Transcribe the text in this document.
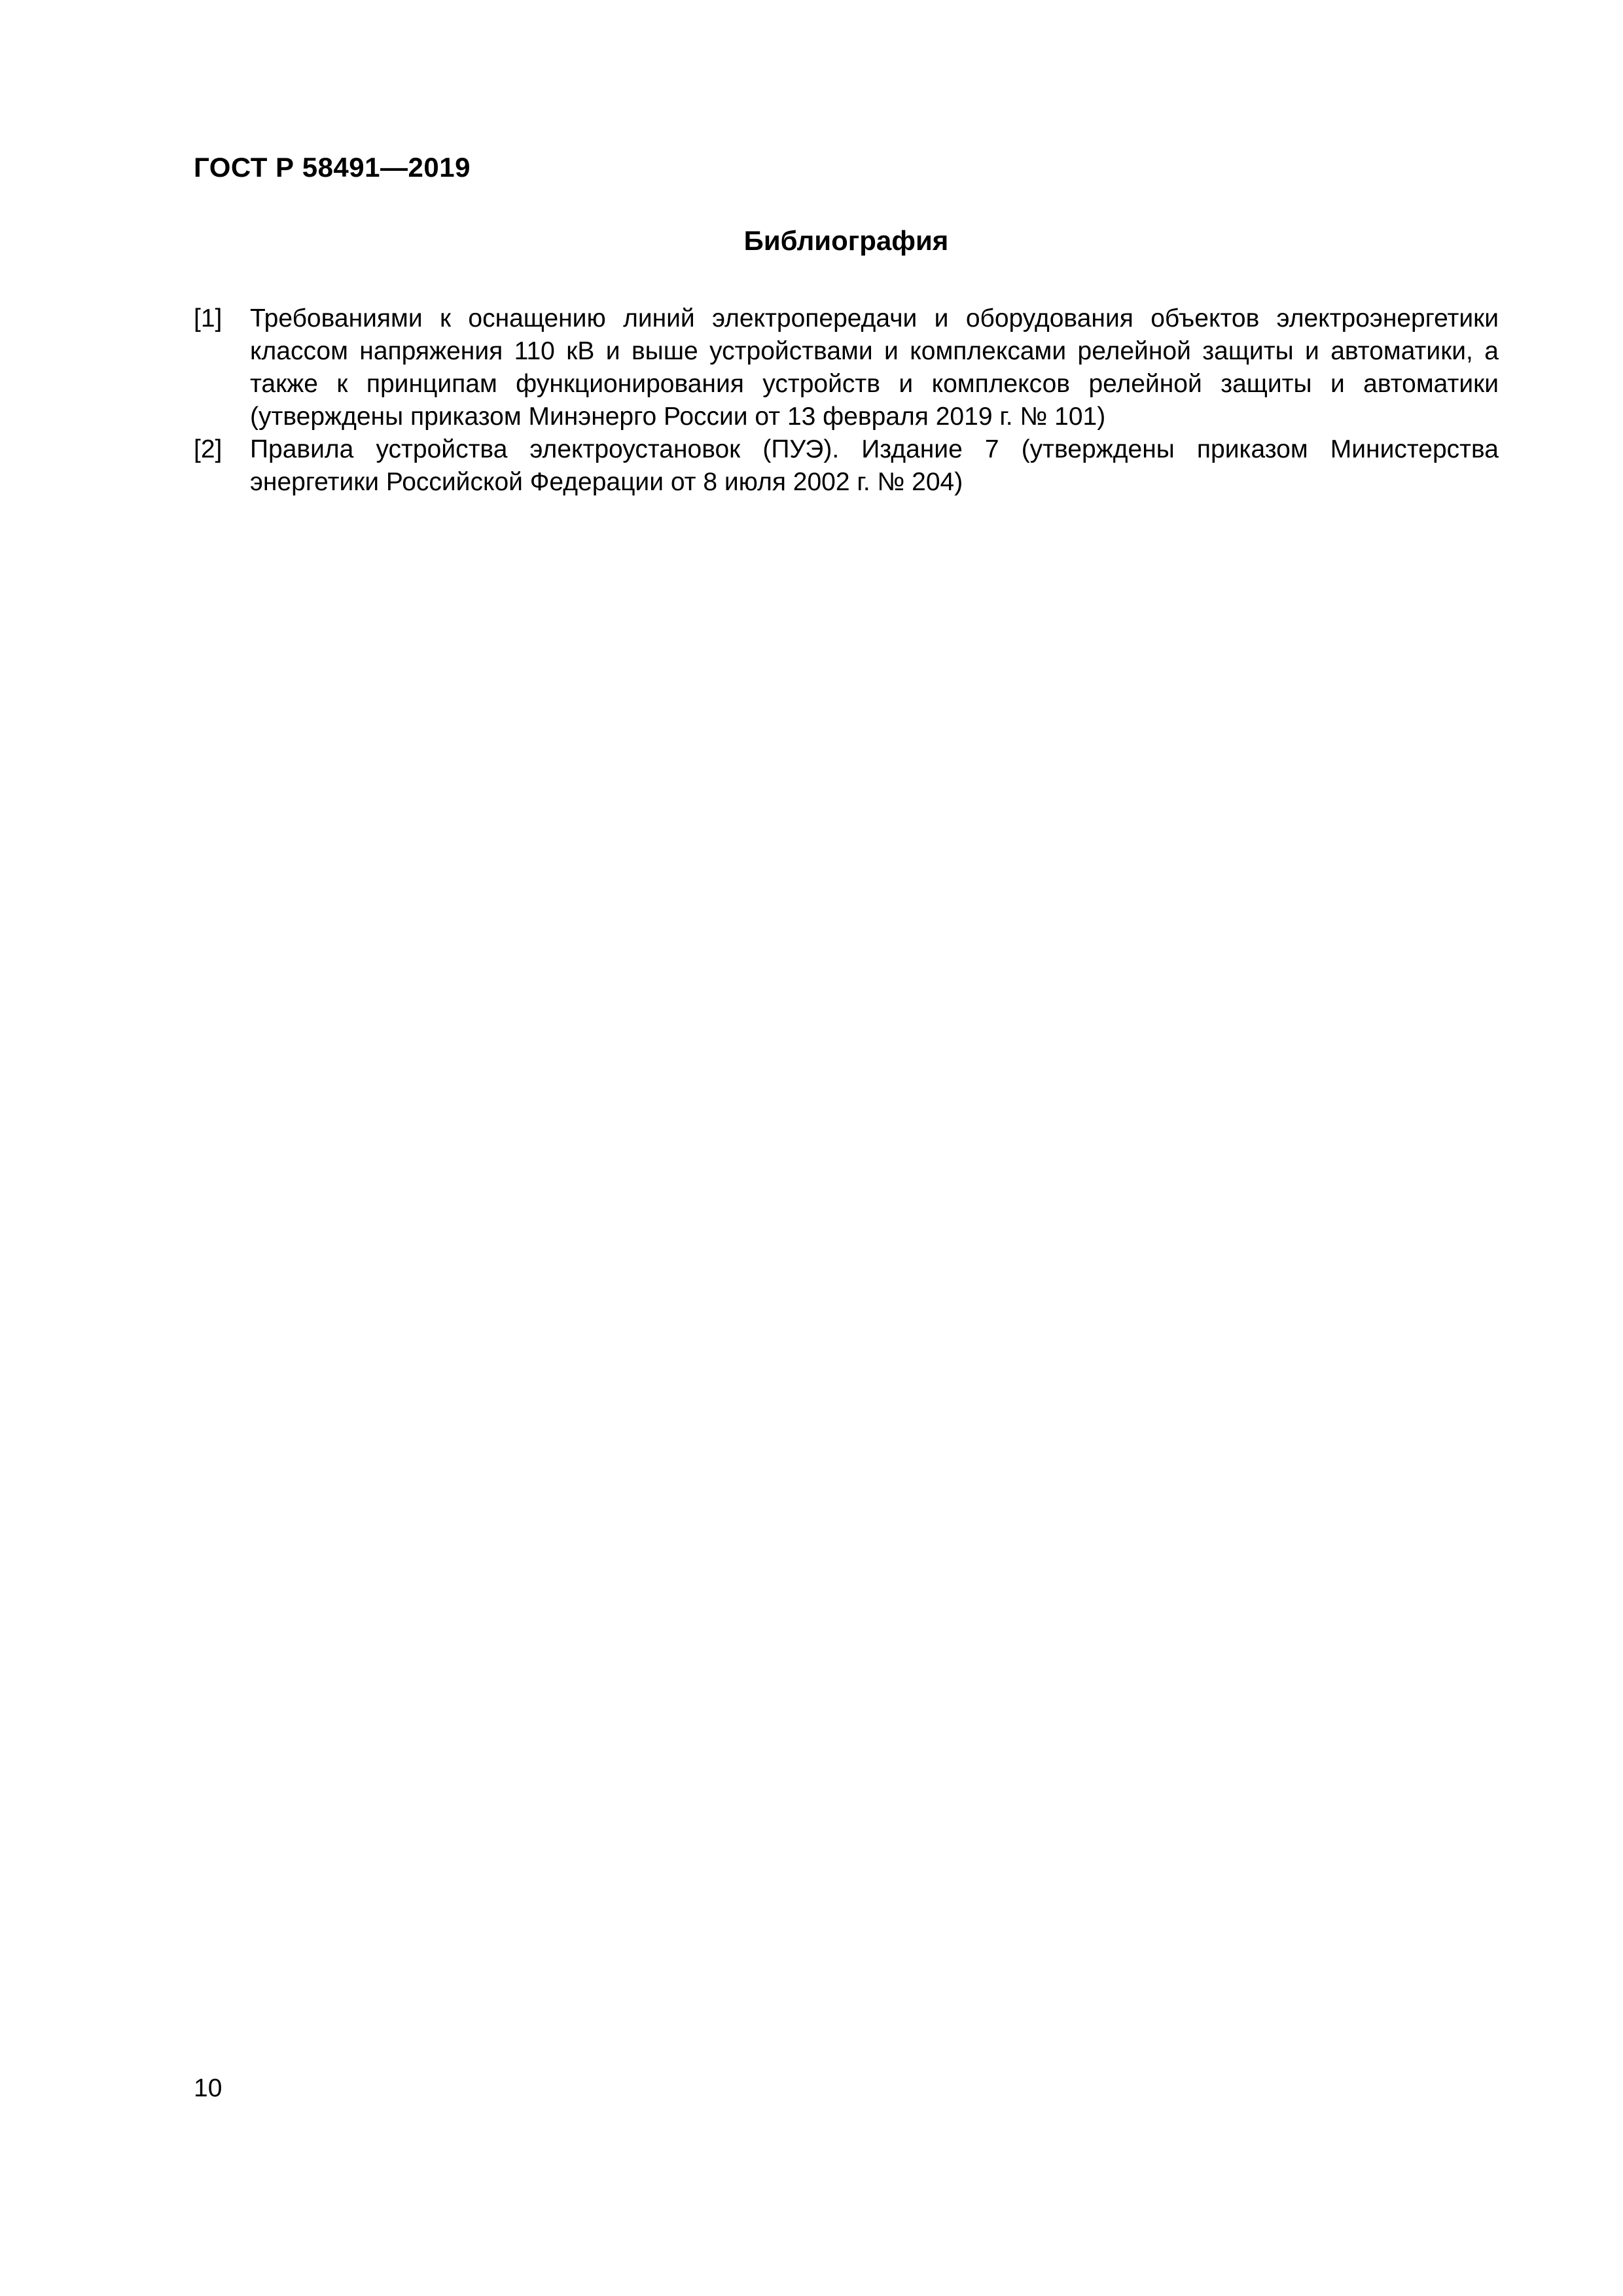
ГОСТ Р 58491—2019
Библиография
[1]	Требованиями к оснащению линий электропередачи и оборудования объектов электроэнергетики классом напряжения 110 кВ и выше устройствами и комплексами релейной защиты и автоматики, а также к принципам функционирования устройств и комплексов релейной защиты и автоматики (утверждены приказом Минэнерго России от 13 февраля 2019 г. № 101)
[2]	Правила устройства электроустановок (ПУЭ). Издание 7 (утверждены приказом Министерства энергетики Российской Федерации от 8 июля 2002 г. № 204)
10
